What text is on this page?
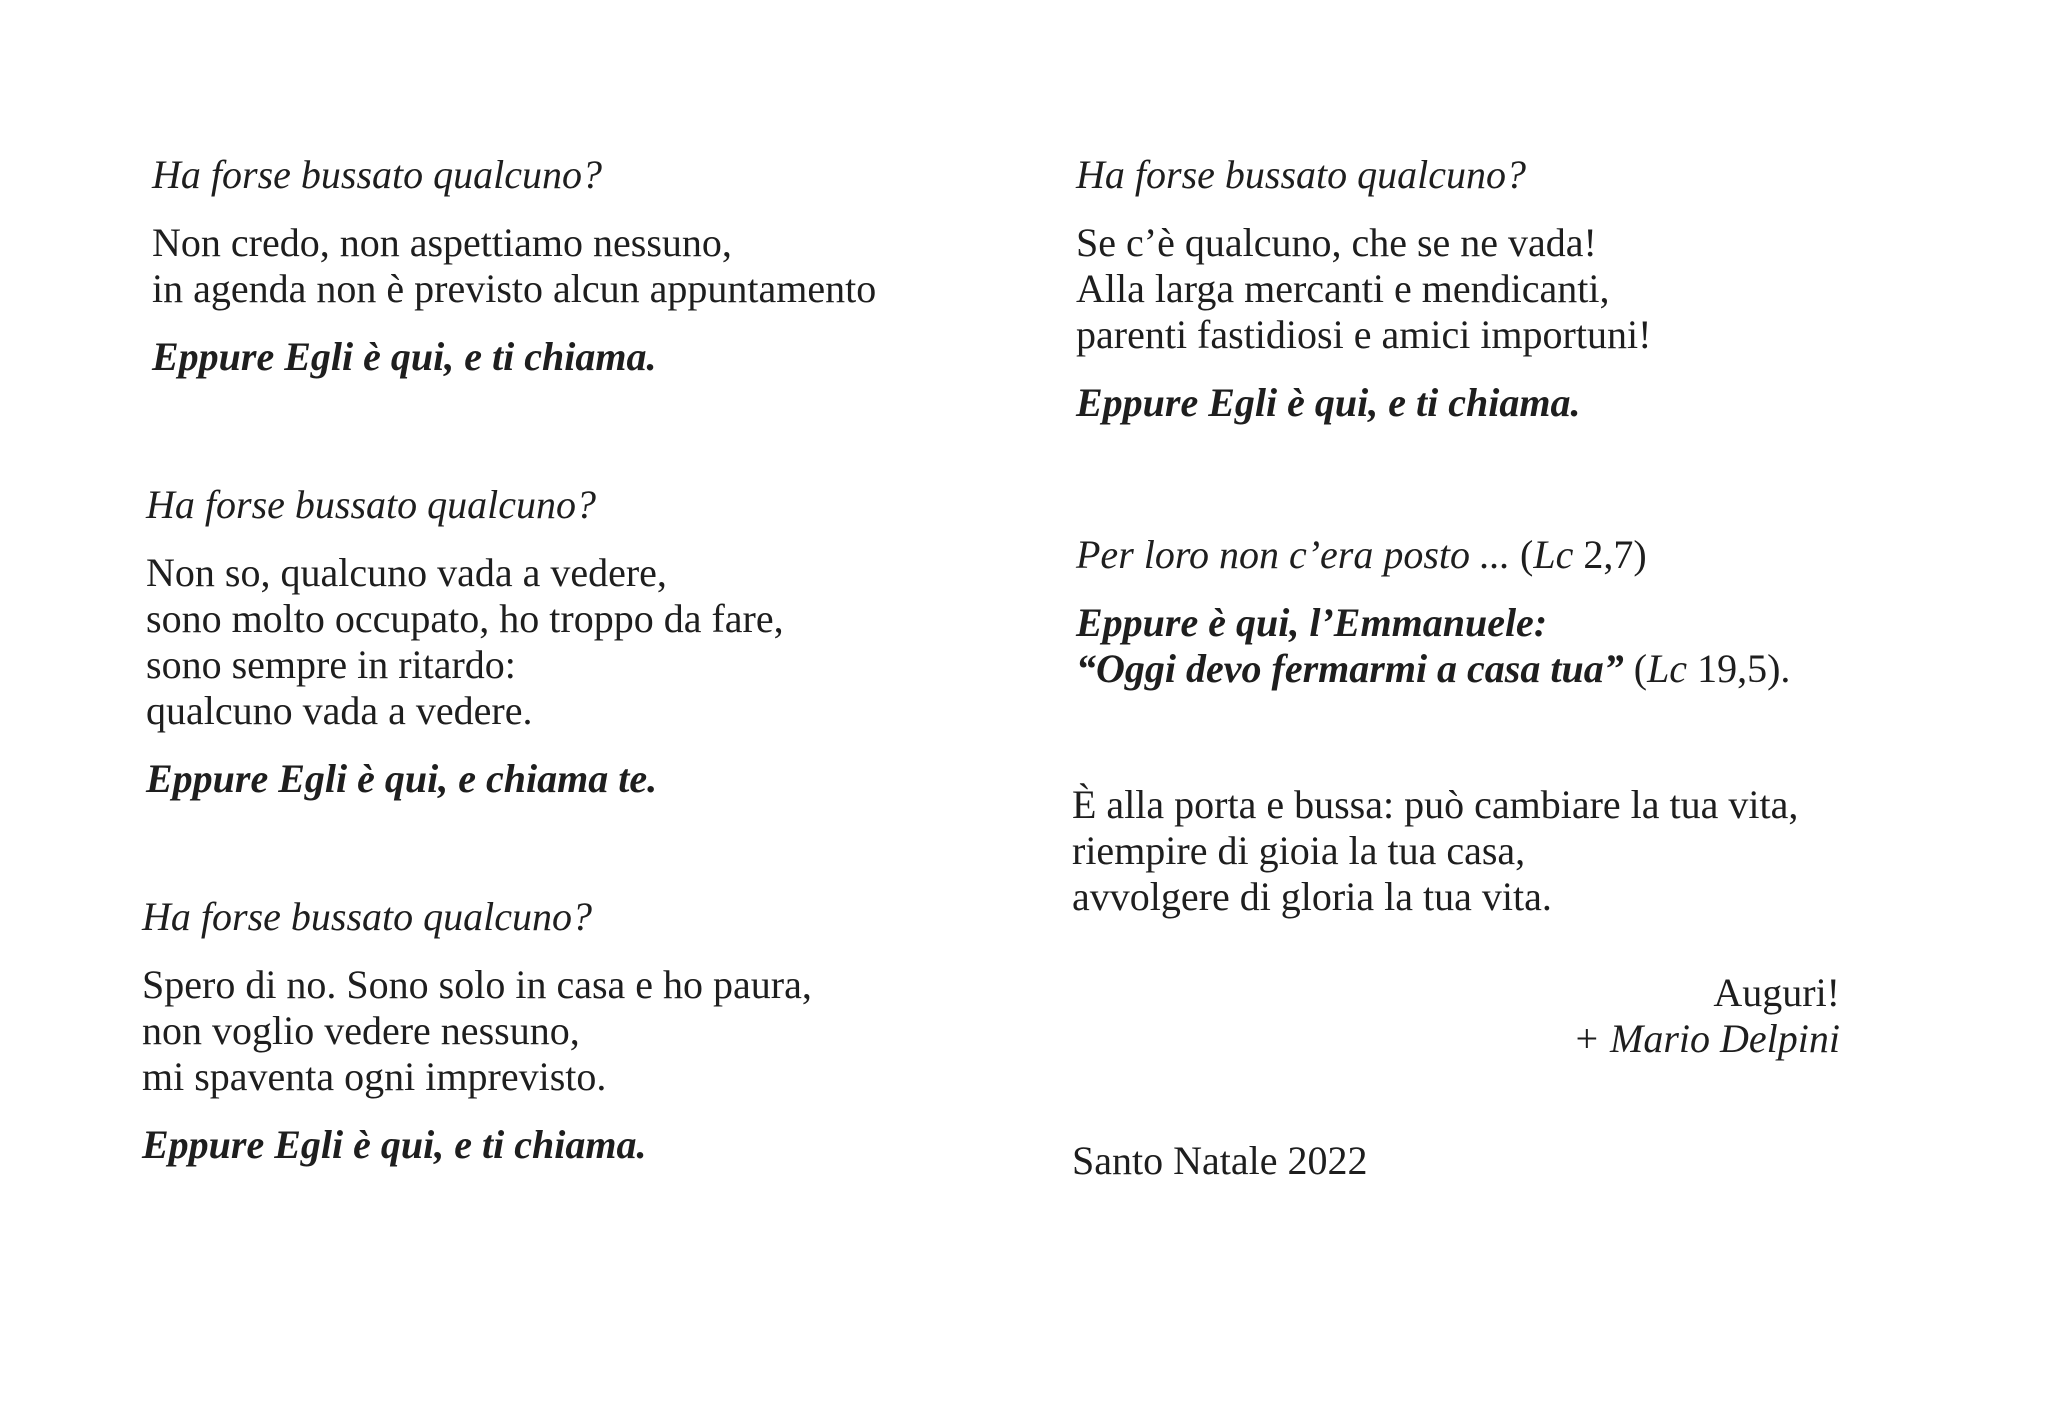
Ha forse bussato qualcuno?

Non credo, non aspettiamo nessuno,
in agenda non è previsto alcun appuntamento

Eppure Egli è qui, e ti chiama.

Ha forse bussato qualcuno?

Non so, qualcuno vada a vedere,
sono molto occupato, ho troppo da fare,
sono sempre in ritardo:
qualcuno vada a vedere.

Eppure Egli è qui, e chiama te.

Ha forse bussato qualcuno?

Spero di no. Sono solo in casa e ho paura,
non voglio vedere nessuno,
mi spaventa ogni imprevisto.

Eppure Egli è qui, e ti chiama.

Ha forse bussato qualcuno?

Se c’è qualcuno, che se ne vada!
Alla larga mercanti e mendicanti,
parenti fastidiosi e amici importuni!

Eppure Egli è qui, e ti chiama.

Per loro non c’era posto ... (Lc 2,7)

Eppure è qui, l’Emmanuele:
“Oggi devo fermarmi a casa tua” (Lc 19,5).

È alla porta e bussa: può cambiare la tua vita,
riempire di gioia la tua casa,
avvolgere di gloria la tua vita.
Auguri!
+ Mario Delpini
Santo Natale 2022
